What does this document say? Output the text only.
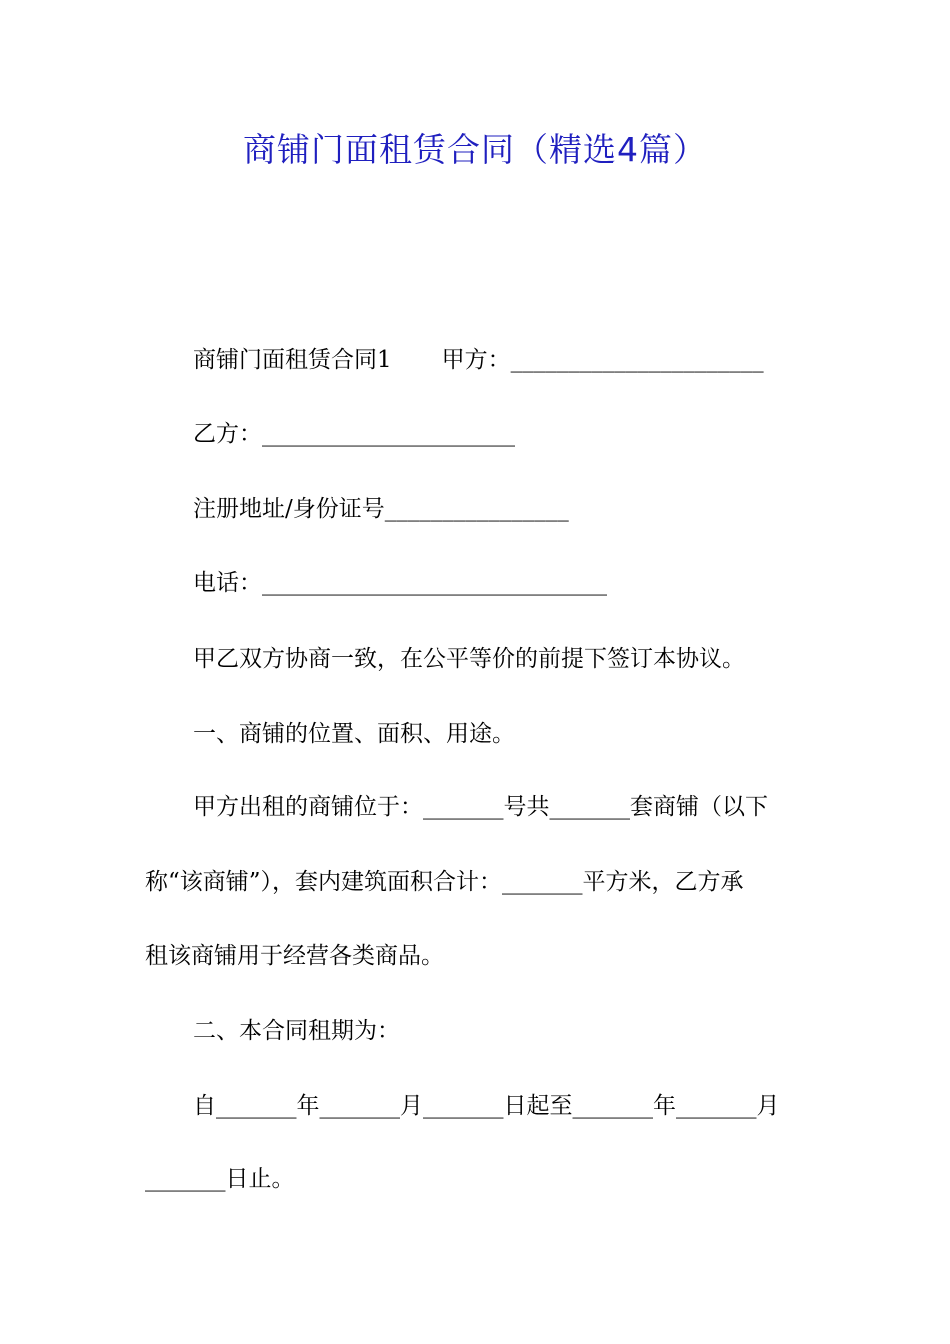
商铺门面租赁合同（精选4篇）
商铺门面租赁合同1 甲方：______________________
乙方：______________________
注册地址/身份证号________________
电话：______________________________
甲乙双方协商一致，在公平等价的前提下签订本协议。
一、商铺的位置、面积、用途。
甲方出租的商铺位于：_______号共_______套商铺（以下
称“该商铺”），套内建筑面积合计：_______平方米，乙方承
租该商铺用于经营各类商品。
二、本合同租期为：
自_______年_______月_______日起至_______年_______月
_______日止。
